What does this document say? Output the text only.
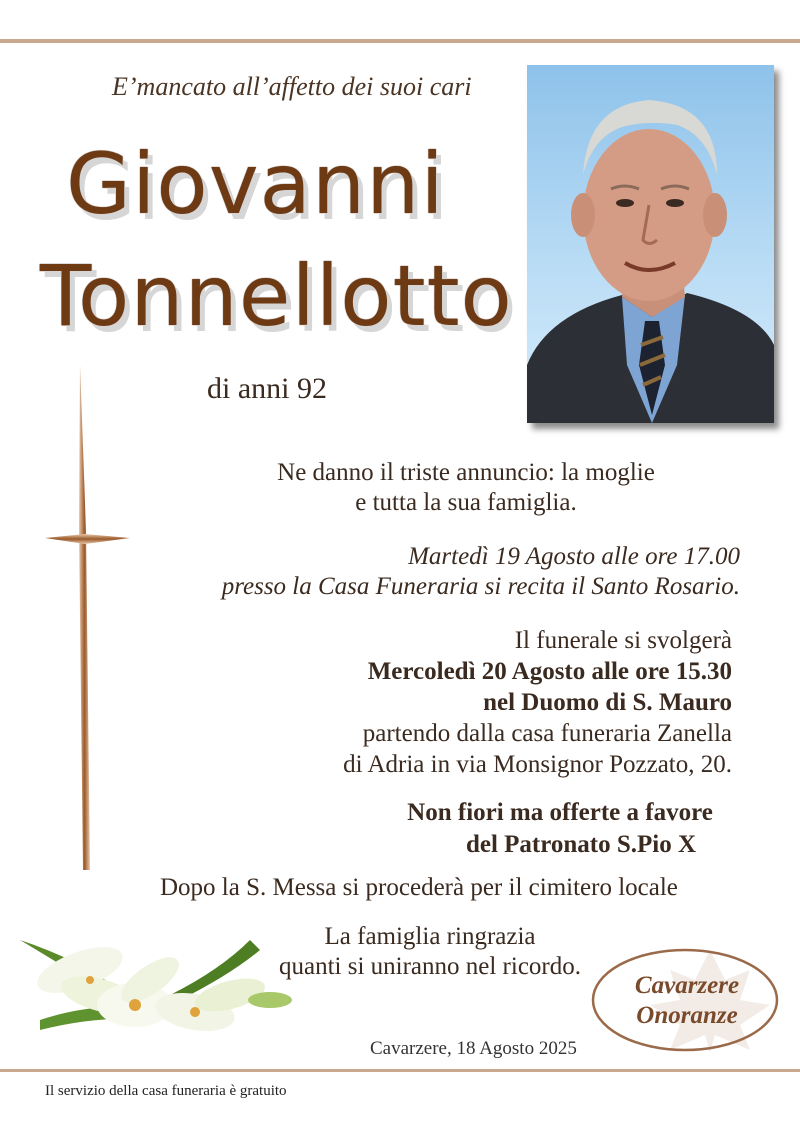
E’mancato all’affetto dei suoi cari
Giovanni
Tonnellotto
di anni 92
Ne danno il triste annuncio: la moglie
e tutta la sua famiglia.
Martedì 19 Agosto alle ore 17.00
presso la Casa Funeraria si recita il Santo Rosario.
Il funerale si svolgerà
Mercoledì 20 Agosto alle ore 15.30
nel Duomo di S. Mauro
partendo dalla casa funeraria Zanella
di Adria in via Monsignor Pozzato, 20.
Non fiori ma offerte a favore
del Patronato S.Pio X
Dopo la S. Messa si procederà per il cimitero locale
La famiglia ringrazia
quanti si uniranno nel ricordo.
Cavarzere, 18 Agosto 2025
Cavarzere
Onoranze
Il servizio della casa funeraria è gratuito
